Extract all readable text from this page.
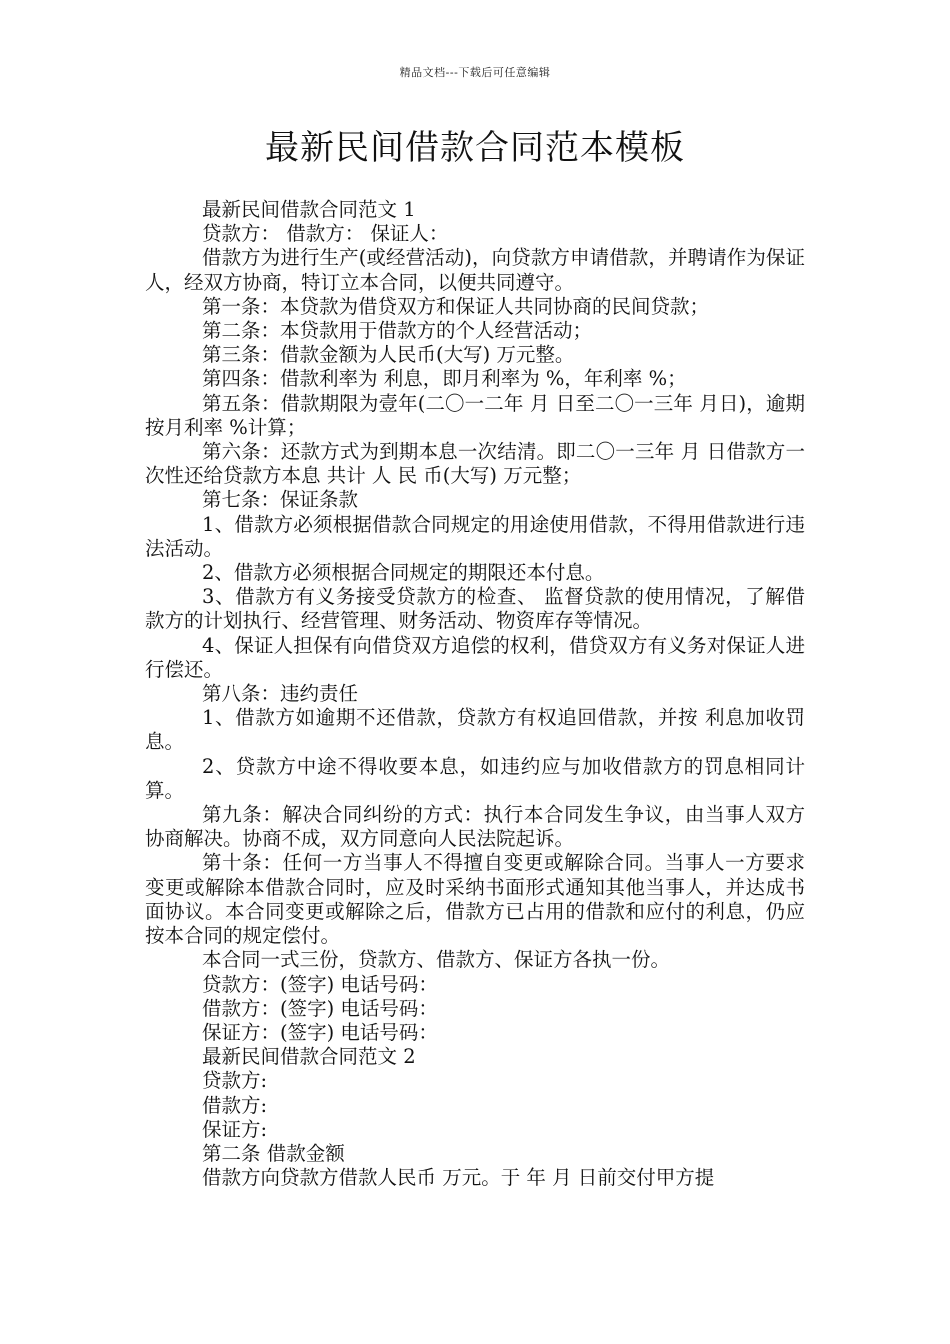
精品文档---下载后可任意编辑
最新民间借款合同范本模板

最新民间借款合同范文 1

贷款方： 借款方： 保证人：

借款方为进行生产(或经营活动)，向贷款方申请借款，并聘请作为保证人，经双方协商，特订立本合同，以便共同遵守。

第一条：本贷款为借贷双方和保证人共同协商的民间贷款；

第二条：本贷款用于借款方的个人经营活动；

第三条：借款金额为人民币(大写) 万元整。

第四条：借款利率为 利息，即月利率为 %，年利率 %；

第五条：借款期限为壹年(二〇一二年 月 日至二〇一三年 月日)，逾期按月利率 %计算；

第六条：还款方式为到期本息一次结清。即二〇一三年 月 日借款方一次性还给贷款方本息 共计 人 民 币(大写) 万元整；

第七条：保证条款

1、借款方必须根据借款合同规定的用途使用借款，不得用借款进行违法活动。

2、借款方必须根据合同规定的期限还本付息。

3、借款方有义务接受贷款方的检查、 监督贷款的使用情况，了解借款方的计划执行、经营管理、财务活动、物资库存等情况。

4、保证人担保有向借贷双方追偿的权利，借贷双方有义务对保证人进行偿还。

第八条：违约责任

1、借款方如逾期不还借款，贷款方有权追回借款，并按 利息加收罚息。

2、贷款方中途不得收要本息，如违约应与加收借款方的罚息相同计算。

第九条：解决合同纠纷的方式：执行本合同发生争议，由当事人双方协商解决。协商不成，双方同意向人民法院起诉。

第十条：任何一方当事人不得擅自变更或解除合同。当事人一方要求变更或解除本借款合同时，应及时采纳书面形式通知其他当事人，并达成书面协议。本合同变更或解除之后，借款方已占用的借款和应付的利息，仍应按本合同的规定偿付。

本合同一式三份，贷款方、借款方、保证方各执一份。

贷款方：(签字) 电话号码：

借款方：(签字) 电话号码：

保证方：(签字) 电话号码：

最新民间借款合同范文 2

贷款方:

借款方:

保证方:

第二条 借款金额

借款方向贷款方借款人民币 万元。于 年 月 日前交付甲方提
